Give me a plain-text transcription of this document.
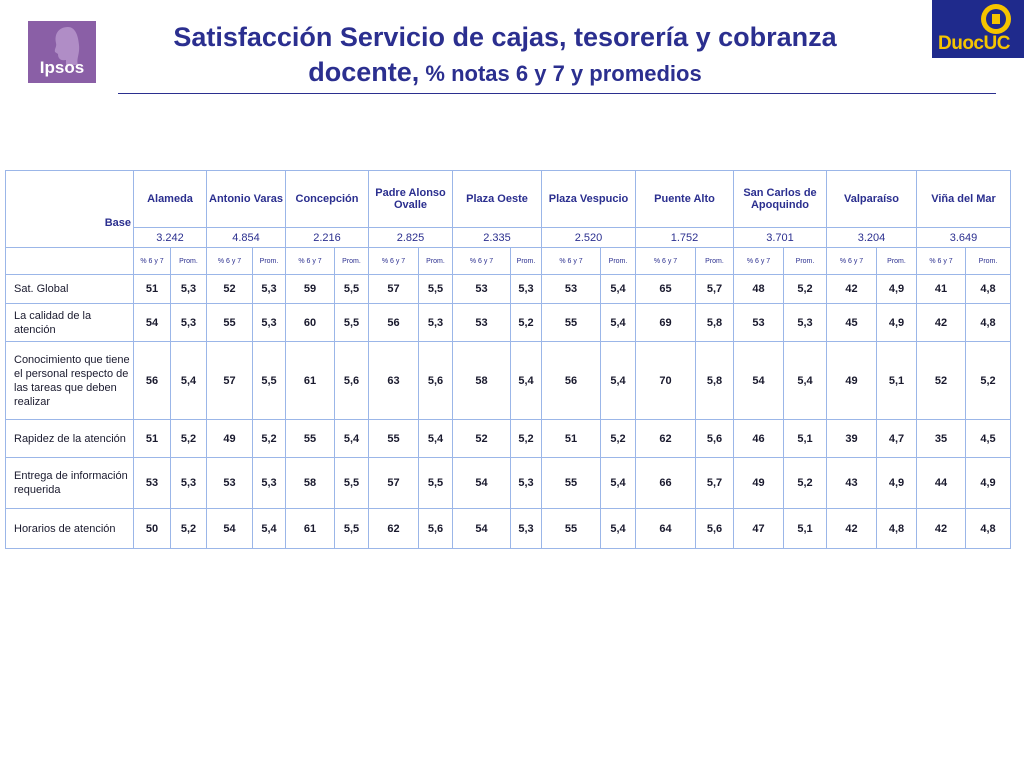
Ipsos
DuocUC
Satisfacción Servicio de cajas, tesorería y cobranza
docente, % notas 6 y 7 y promedios
Base	Alameda		Antonio Varas		Concepción		Padre Alonso Ovalle		Plaza Oeste		Plaza Vespucio		Puente Alto		San Carlos de Apoquindo		Valparaíso		Viña del Mar	
	3.242		4.854		2.216		2.825		2.335		2.520		1.752		3.701		3.204		3.649	
	% 6 y 7	Prom.	% 6 y 7	Prom.	% 6 y 7	Prom.	% 6 y 7	Prom.	% 6 y 7	Prom.	% 6 y 7	Prom.	% 6 y 7	Prom.	% 6 y 7	Prom.	% 6 y 7	Prom.	% 6 y 7	Prom.
Sat. Global	51	5,3	52	5,3	59	5,5	57	5,5	53	5,3	53	5,4	65	5,7	48	5,2	42	4,9	41	4,8
La calidad de la atención	54	5,3	55	5,3	60	5,5	56	5,3	53	5,2	55	5,4	69	5,8	53	5,3	45	4,9	42	4,8
Conocimiento que tiene el personal respecto de las tareas que deben realizar	56	5,4	57	5,5	61	5,6	63	5,6	58	5,4	56	5,4	70	5,8	54	5,4	49	5,1	52	5,2
Rapidez de la atención	51	5,2	49	5,2	55	5,4	55	5,4	52	5,2	51	5,2	62	5,6	46	5,1	39	4,7	35	4,5
Entrega de información requerida	53	5,3	53	5,3	58	5,5	57	5,5	54	5,3	55	5,4	66	5,7	49	5,2	43	4,9	44	4,9
Horarios de atención	50	5,2	54	5,4	61	5,5	62	5,6	54	5,3	55	5,4	64	5,6	47	5,1	42	4,8	42	4,8
